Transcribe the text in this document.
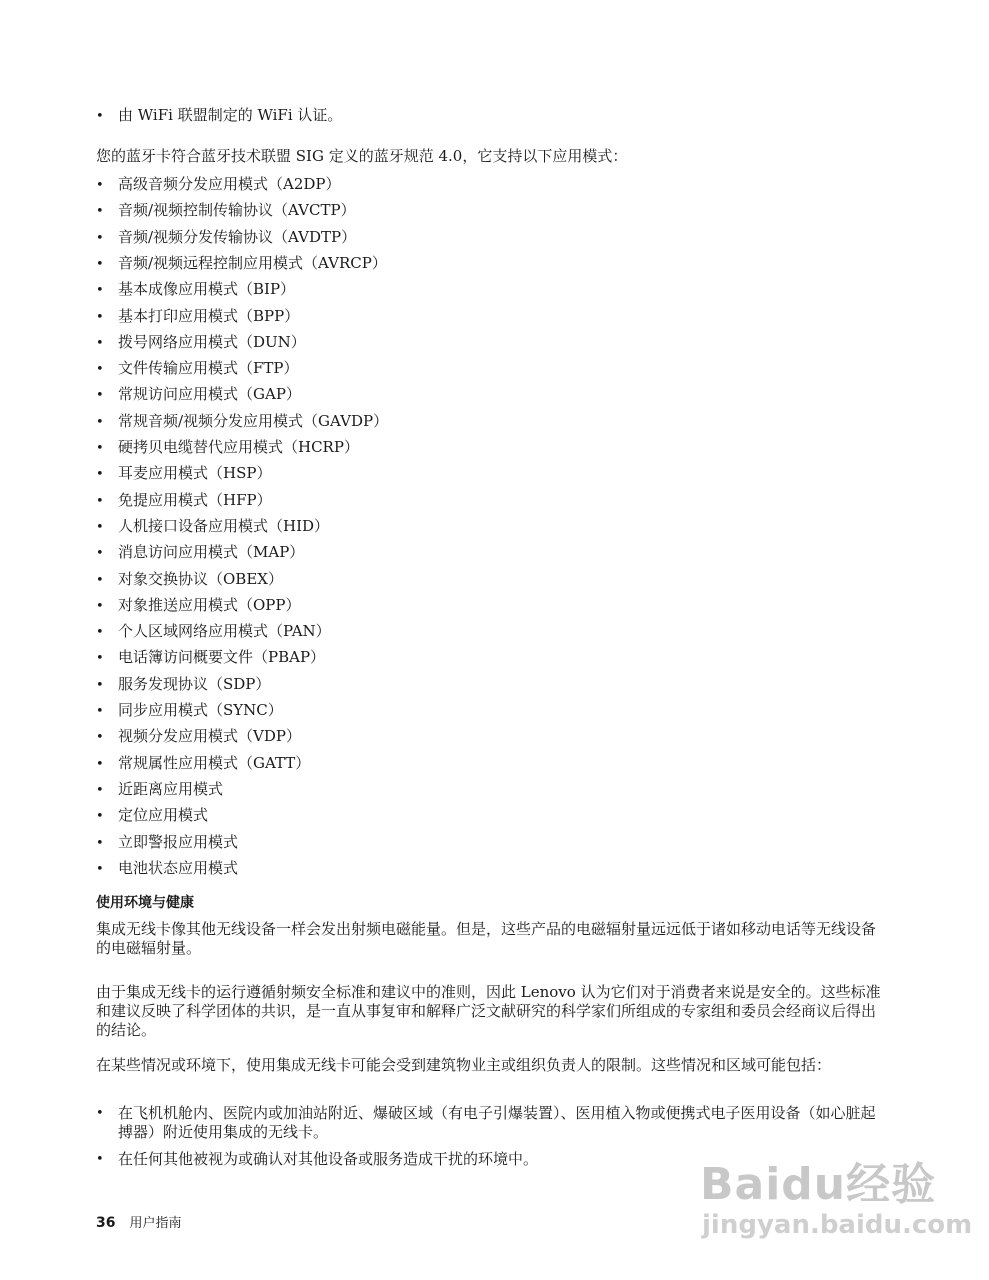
• 由 WiFi 联盟制定的 WiFi 认证。
您的蓝牙卡符合蓝牙技术联盟 SIG 定义的蓝牙规范 4.0，它支持以下应用模式：
• 高级音频分发应用模式（A2DP）
• 音频/视频控制传输协议（AVCTP）
• 音频/视频分发传输协议（AVDTP）
• 音频/视频远程控制应用模式（AVRCP）
• 基本成像应用模式（BIP）
• 基本打印应用模式（BPP）
• 拨号网络应用模式（DUN）
• 文件传输应用模式（FTP）
• 常规访问应用模式（GAP）
• 常规音频/视频分发应用模式（GAVDP）
• 硬拷贝电缆替代应用模式（HCRP）
• 耳麦应用模式（HSP）
• 免提应用模式（HFP）
• 人机接口设备应用模式（HID）
• 消息访问应用模式（MAP）
• 对象交换协议（OBEX）
• 对象推送应用模式（OPP）
• 个人区域网络应用模式（PAN）
• 电话簿访问概要文件（PBAP）
• 服务发现协议（SDP）
• 同步应用模式（SYNC）
• 视频分发应用模式（VDP）
• 常规属性应用模式（GATT）
• 近距离应用模式
• 定位应用模式
• 立即警报应用模式
• 电池状态应用模式
使用环境与健康
集成无线卡像其他无线设备一样会发出射频电磁能量。但是，这些产品的电磁辐射量远远低于诸如移动电话等无线设备的电磁辐射量。
由于集成无线卡的运行遵循射频安全标准和建议中的准则，因此 Lenovo 认为它们对于消费者来说是安全的。这些标准和建议反映了科学团体的共识，是一直从事复审和解释广泛文献研究的科学家们所组成的专家组和委员会经商议后得出的结论。
在某些情况或环境下，使用集成无线卡可能会受到建筑物业主或组织负责人的限制。这些情况和区域可能包括：
• 在飞机机舱内、医院内或加油站附近、爆破区域（有电子引爆装置）、医用植入物或便携式电子医用设备（如心脏起搏器）附近使用集成的无线卡。
• 在任何其他被视为或确认对其他设备或服务造成干扰的环境中。
36 用户指南
Baidu经验
jingyan.baidu.com
